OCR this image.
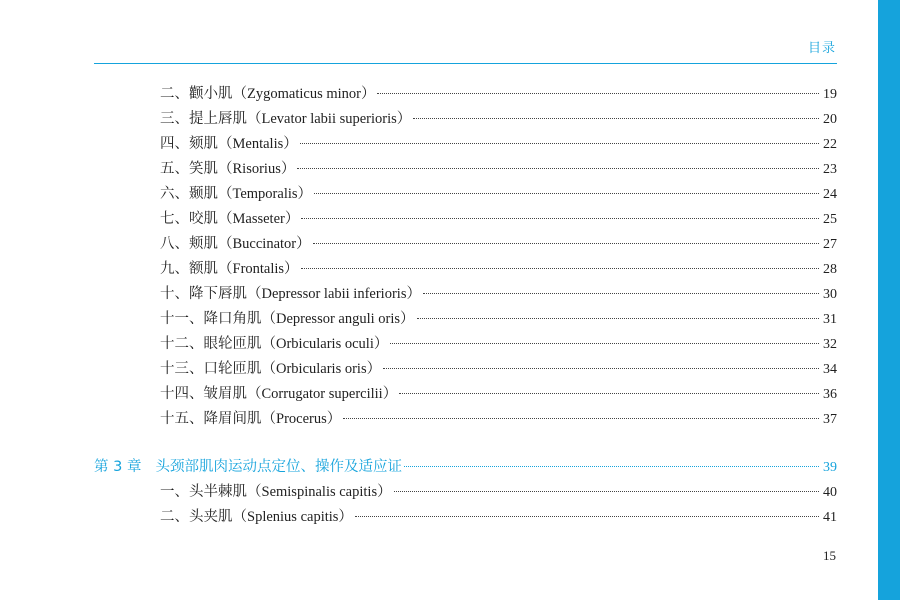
目录
二、颧小肌（Zygomaticus minor）	19
三、提上唇肌（Levator labii superioris）	20
四、颏肌（Mentalis）	22
五、笑肌（Risorius）	23
六、颞肌（Temporalis）	24
七、咬肌（Masseter）	25
八、颊肌（Buccinator）	27
九、额肌（Frontalis）	28
十、降下唇肌（Depressor labii inferioris）	30
十一、降口角肌（Depressor anguli oris）	31
十二、眼轮匝肌（Orbicularis oculi）	32
十三、口轮匝肌（Orbicularis oris）	34
十四、皱眉肌（Corrugator supercilii）	36
十五、降眉间肌（Procerus）	37
第 3 章 头颈部肌肉运动点定位、操作及适应证	39
一、头半棘肌（Semispinalis capitis）	40
二、头夹肌（Splenius capitis）	41
15
